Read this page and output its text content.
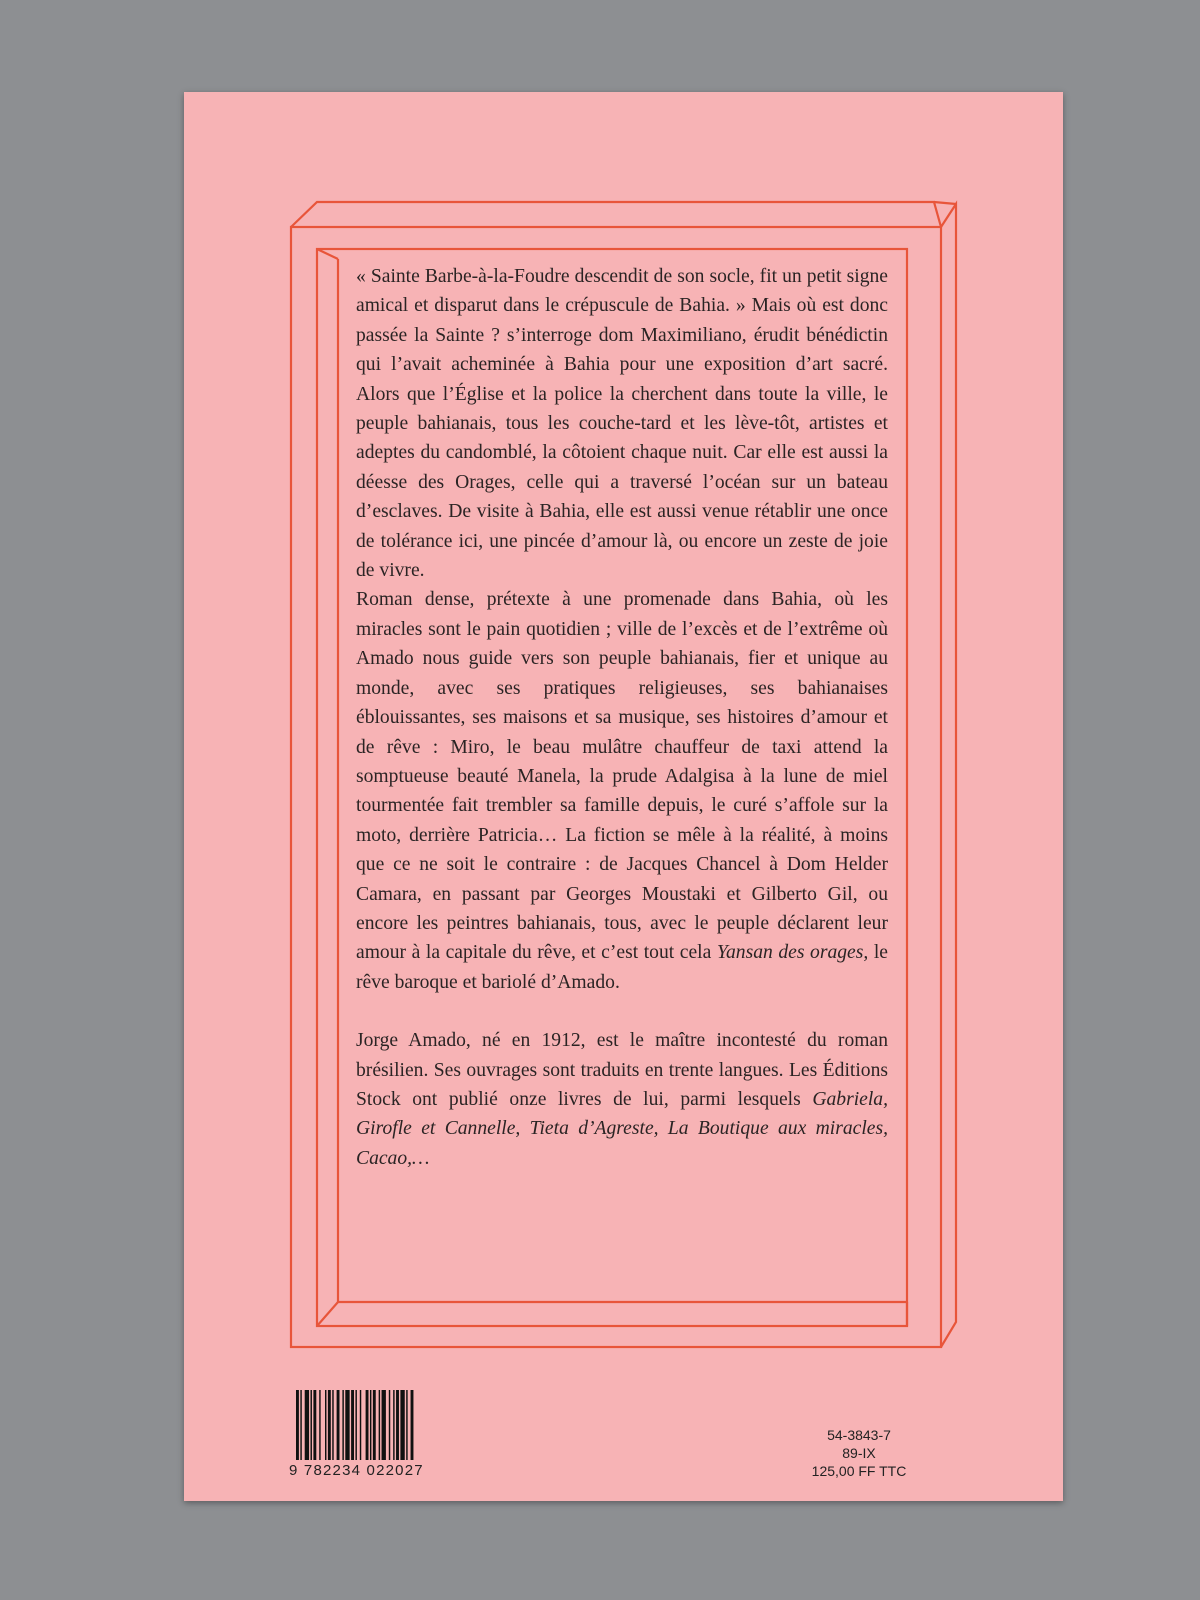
« Sainte Barbe-à-la-Foudre descendit de son socle, fit un petit signe amical et disparut dans le crépuscule de Bahia. » Mais où est donc passée la Sainte ? s’interroge dom Maximiliano, érudit bénédictin qui l’avait acheminée à Bahia pour une exposition d’art sacré. Alors que l’Église et la police la cherchent dans toute la ville, le peuple bahianais, tous les couche-tard et les lève-tôt, artistes et adeptes du candomblé, la côtoient chaque nuit. Car elle est aussi la déesse des Orages, celle qui a traversé l’océan sur un bateau d’esclaves. De visite à Bahia, elle est aussi venue rétablir une once de tolérance ici, une pincée d’amour là, ou encore un zeste de joie de vivre.

Roman dense, prétexte à une promenade dans Bahia, où les miracles sont le pain quotidien ; ville de l’excès et de l’extrême où Amado nous guide vers son peuple bahianais, fier et unique au monde, avec ses pratiques religieuses, ses bahianaises éblouissantes, ses maisons et sa musique, ses histoires d’amour et de rêve : Miro, le beau mulâtre chauffeur de taxi attend la somptueuse beauté Manela, la prude Adalgisa à la lune de miel tourmentée fait trembler sa famille depuis, le curé s’affole sur la moto, derrière Patricia… La fiction se mêle à la réalité, à moins que ce ne soit le contraire : de Jacques Chancel à Dom Helder Camara, en passant par Georges Moustaki et Gilberto Gil, ou encore les peintres bahianais, tous, avec le peuple déclarent leur amour à la capitale du rêve, et c’est tout cela Yansan des orages, le rêve baroque et bariolé d’Amado.

Jorge Amado, né en 1912, est le maître incontesté du roman brésilien. Ses ouvrages sont traduits en trente langues. Les Éditions Stock ont publié onze livres de lui, parmi lesquels Gabriela, Girofle et Cannelle, Tieta d’Agreste, La Boutique aux miracles, Cacao,…

9 782234 022027
54-3843-7
89-IX
125,00 FF TTC
